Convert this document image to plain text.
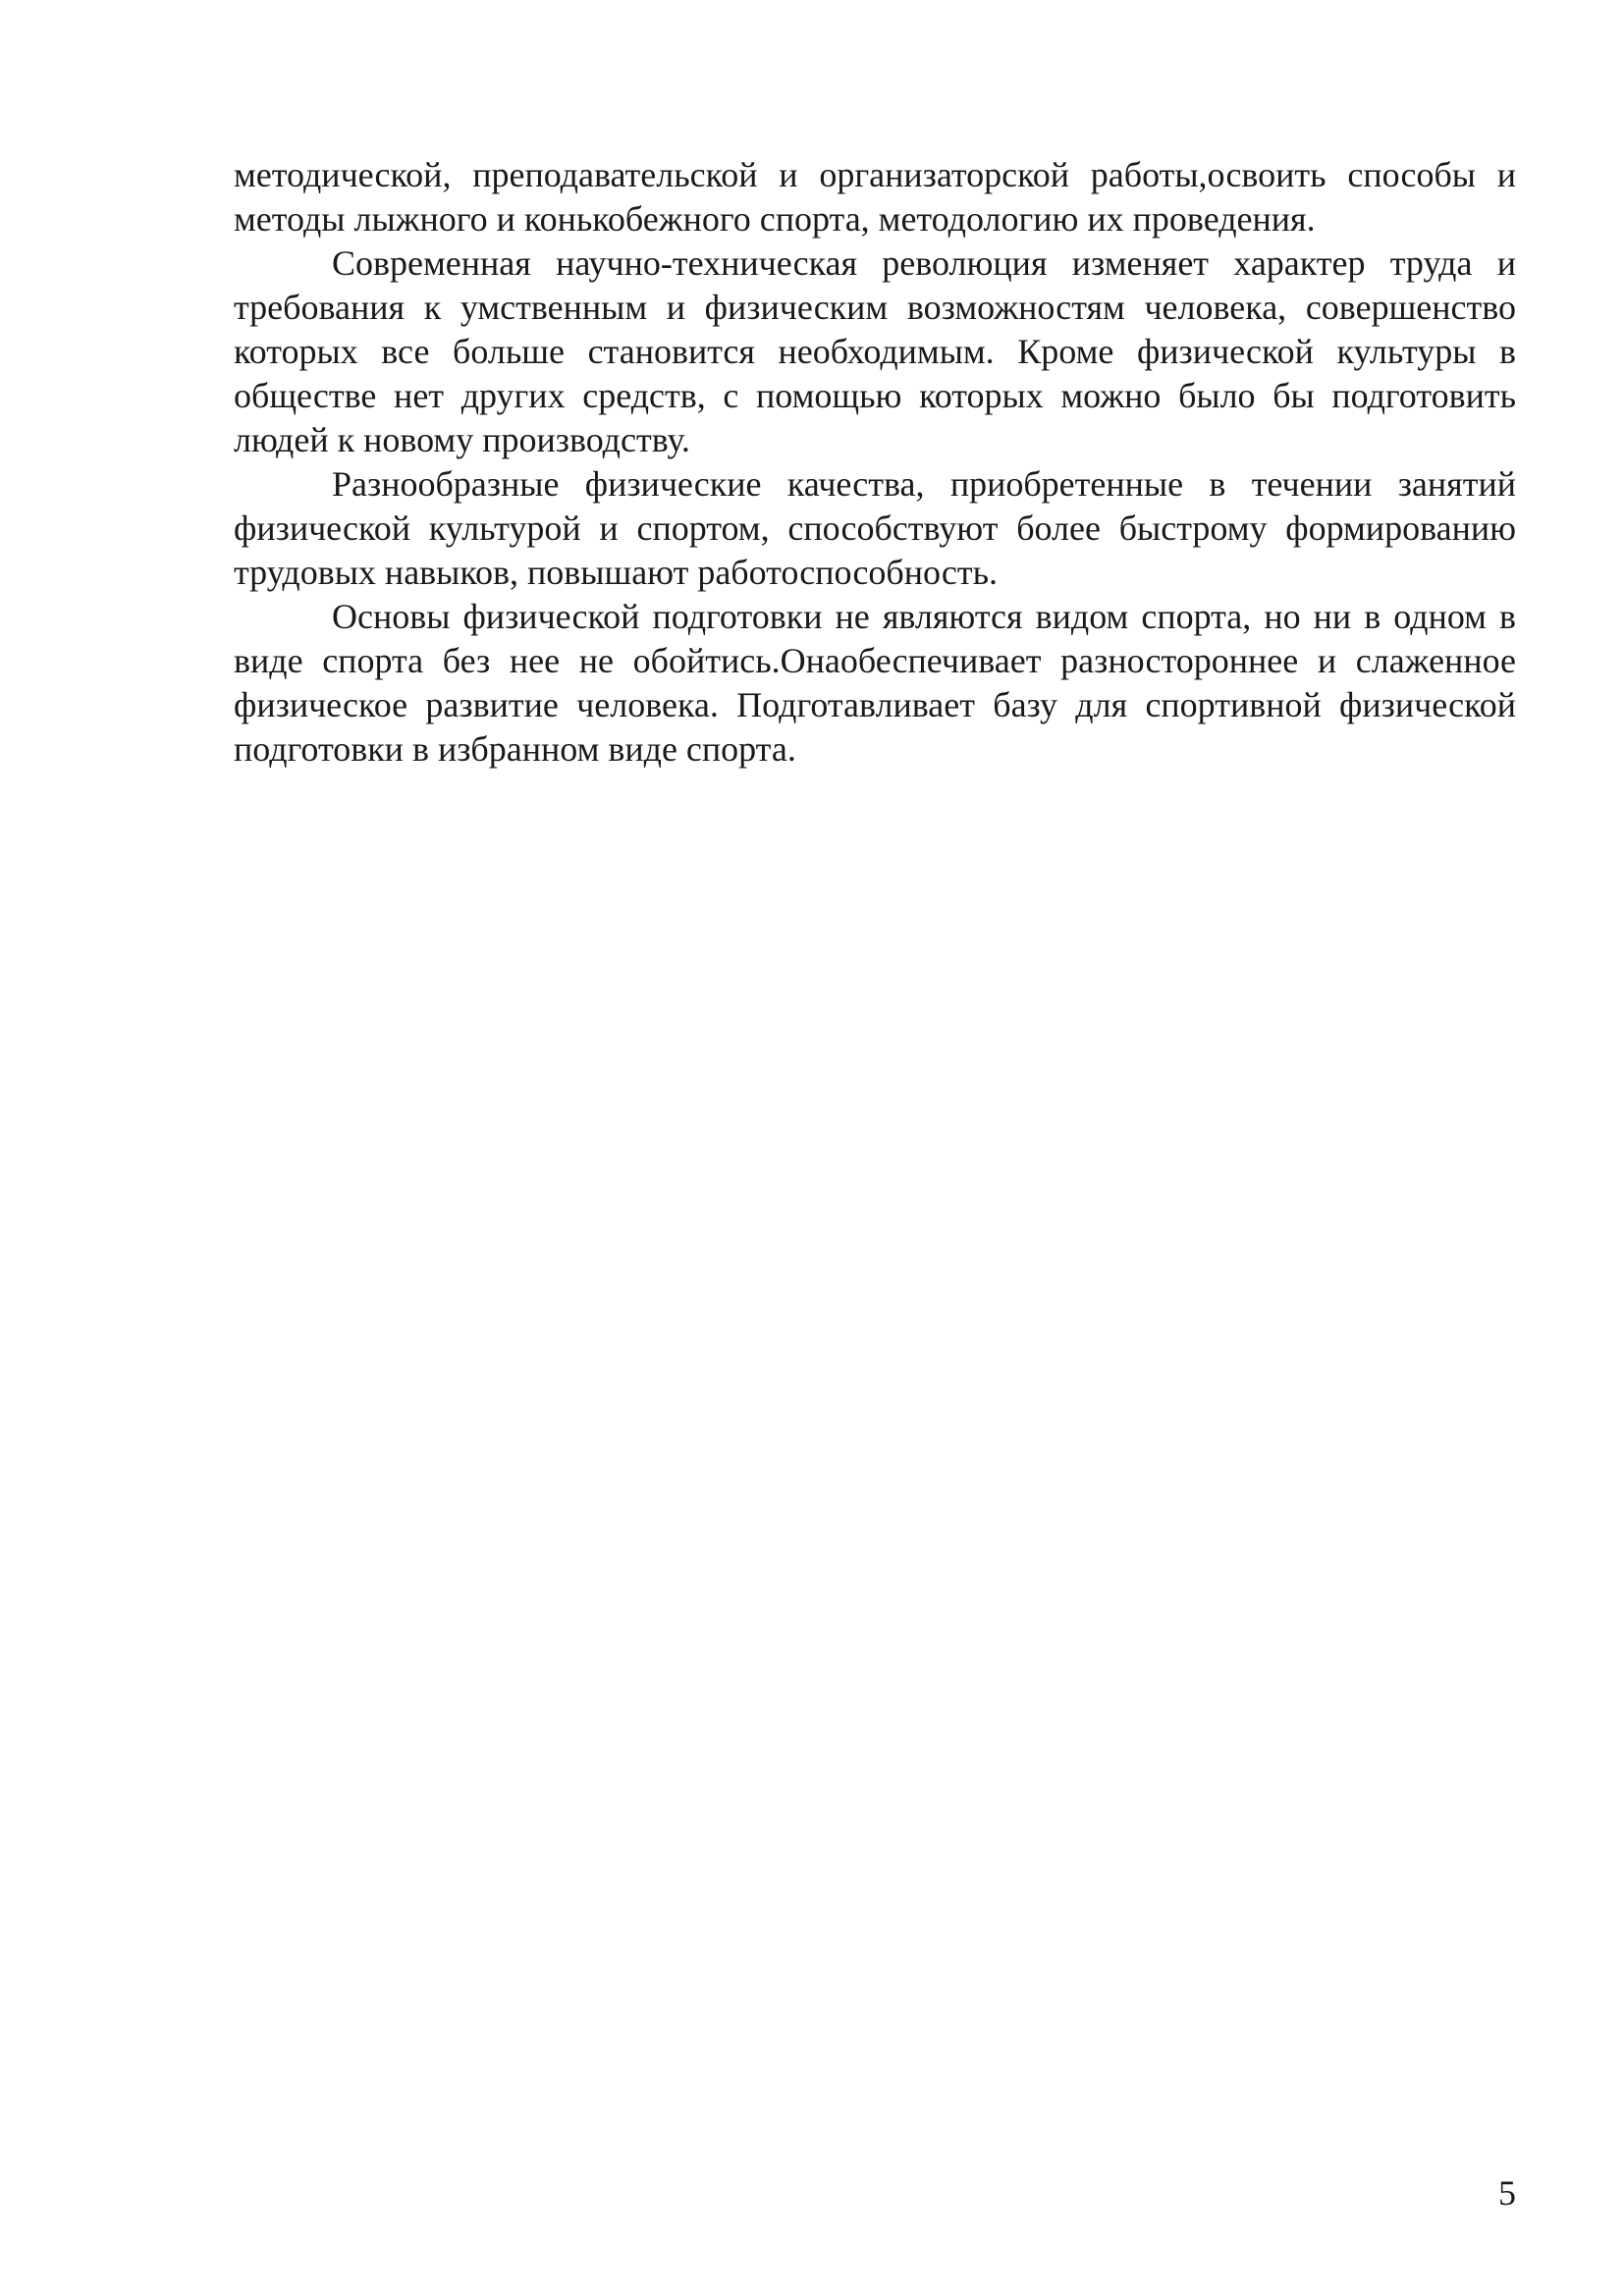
методической, преподавательской и организаторской работы,освоить способы и методы лыжного и конькобежного спорта, методологию их проведения.

Современная научно-техническая революция изменяет характер труда и требования к умственным и физическим возможностям человека, совершенство которых все больше становится необходимым. Кроме физической культуры в обществе нет других средств, с помощью которых можно было бы подготовить людей к новому производству.

Разнообразные физические качества, приобретенные в течении занятий физической культурой и спортом, способствуют более быстрому формированию трудовых навыков, повышают работоспособность.

Основы физической подготовки не являются видом спорта, но ни в одном в виде спорта без нее не обойтись.Онаобеспечивает разностороннее и слаженное физическое развитие человека. Подготавливает базу для спортивной физической подготовки в избранном виде спорта.

5
